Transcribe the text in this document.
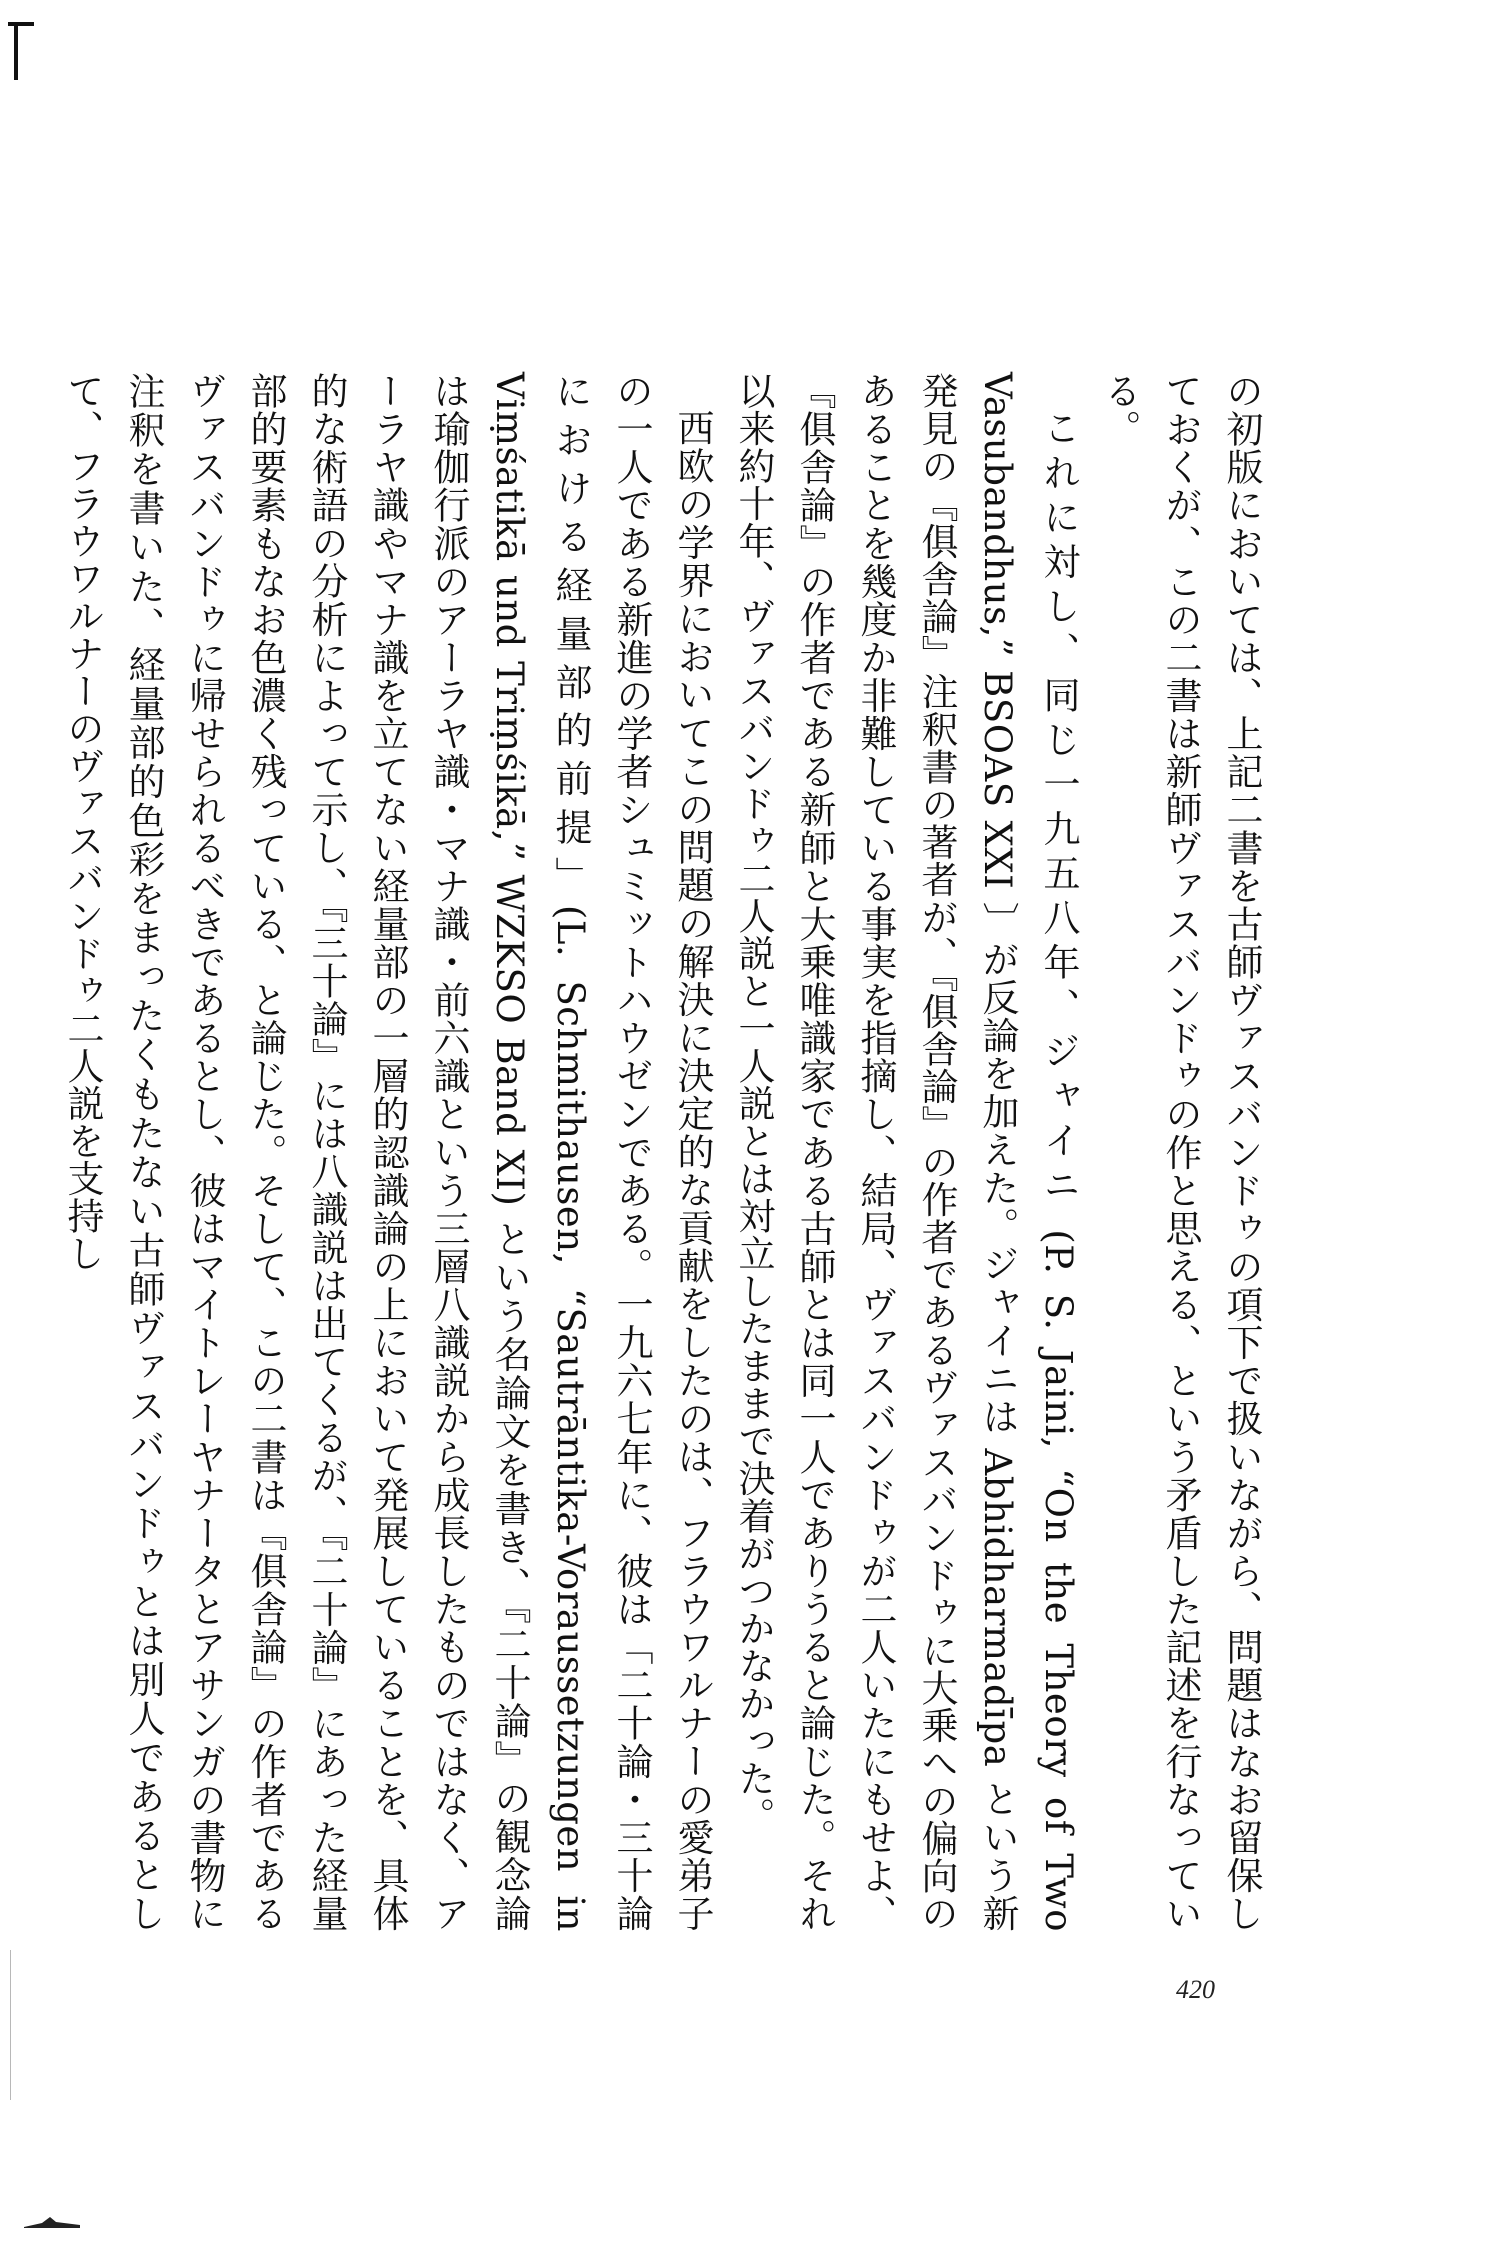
の初版においては、上記二書を古師ヴァスバンドゥの項下で扱いながら、問題はなお留保しておくが、この二書は新師ヴァスバンドゥの作と思える、という矛盾した記述を行なっている。

これに対し、同じ一九五八年、ジャイニ (P. S. Jaini, “On the Theory of Two Vasubandhus,” BSOAS XXI 〕が反論を加えた。ジャイニは Abhidharmadīpa という新発見の『俱舎論』注釈書の著者が、『俱舎論』の作者であるヴァスバンドゥに大乗への偏向のあることを幾度か非難している事実を指摘し、結局、ヴァスバンドゥが二人いたにもせよ、『俱舎論』の作者である新師と大乗唯識家である古師とは同一人でありうると論じた。それ以来約十年、ヴァスバンドゥ二人説と一人説とは対立したままで決着がつかなかった。

西欧の学界においてこの問題の解決に決定的な貢献をしたのは、フラウワルナーの愛弟子の一人である新進の学者シュミットハウゼンである。一九六七年に、彼は「二十論・三十論における経量部的前提」(L. Schmithausen, “Sautrāntika-Voraussetzungen in Viṃśatikā und Triṃśikā,” WZKSO Band XI) という名論文を書き、『二十論』の観念論は瑜伽行派のアーラヤ識・マナ識・前六識という三層八識説から成長したものではなく、アーラヤ識やマナ識を立てない経量部の一層的認識論の上において発展していることを、具体的な術語の分析によって示し、『三十論』には八識説は出てくるが、『二十論』にあった経量部的要素もなお色濃く残っている、と論じた。そして、この二書は『俱舎論』の作者であるヴァスバンドゥに帰せられるべきであるとし、彼はマイトレーヤナータとアサンガの書物に注釈を書いた、経量部的色彩をまったくもたない古師ヴァスバンドゥとは別人であるとして、フラウワルナーのヴァスバンドゥ二人説を支持し

420
